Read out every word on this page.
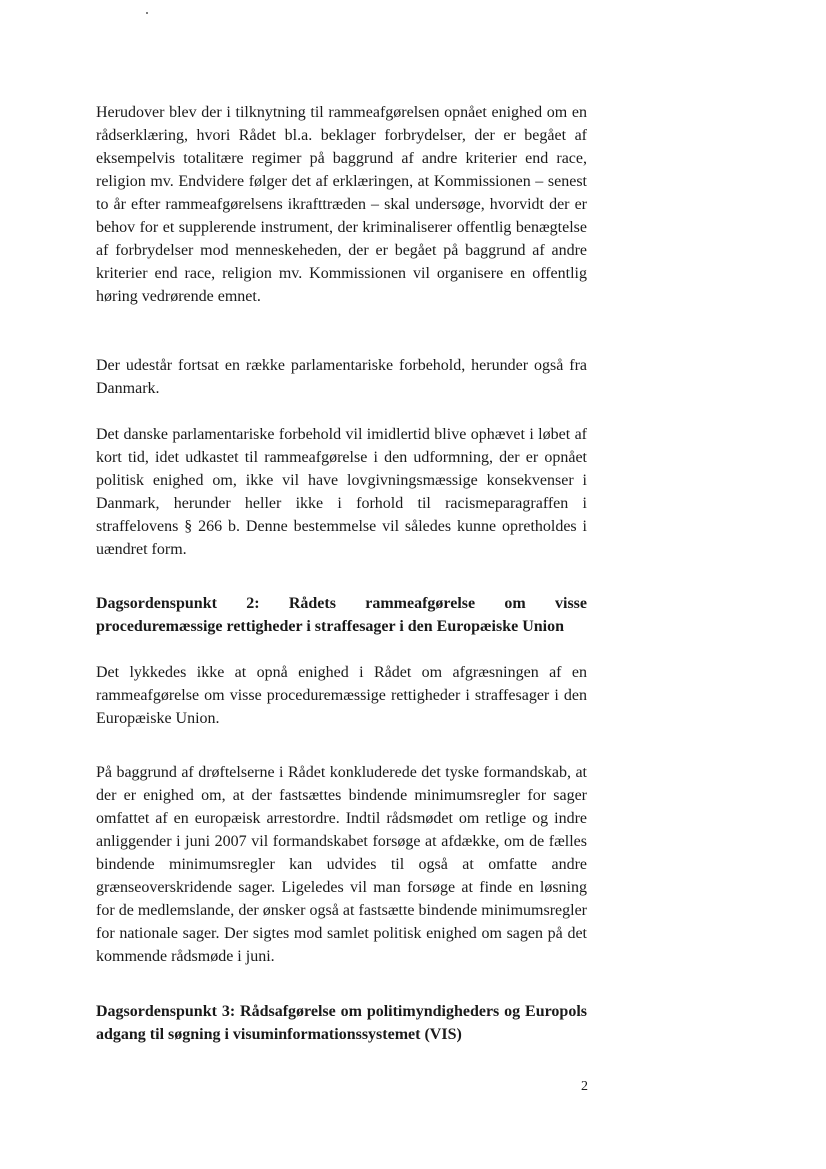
Herudover blev der i tilknytning til rammeafgørelsen opnået enighed om en rådserklæring, hvori Rådet bl.a. beklager forbrydelser, der er begået af eksempelvis totalitære regimer på baggrund af andre kriterier end race, religion mv. Endvidere følger det af erklæringen, at Kommissionen – senest to år efter rammeafgørelsens ikrafttræden – skal undersøge, hvorvidt der er behov for et supplerende instrument, der kriminaliserer offentlig benægtelse af forbrydelser mod menneskeheden, der er begået på baggrund af andre kriterier end race, religion mv. Kommissionen vil organisere en offentlig høring vedrørende emnet.

Der udestår fortsat en række parlamentariske forbehold, herunder også fra Danmark.

Det danske parlamentariske forbehold vil imidlertid blive ophævet i løbet af kort tid, idet udkastet til rammeafgørelse i den udformning, der er opnået politisk enighed om, ikke vil have lovgivningsmæssige konsekvenser i Danmark, herunder heller ikke i forhold til racismeparagraffen i straffelovens § 266 b. Denne bestemmelse vil således kunne opretholdes i uændret form.

Dagsordenspunkt 2: Rådets rammeafgørelse om visse proceduremæssige rettigheder i straffesager i den Europæiske Union

Det lykkedes ikke at opnå enighed i Rådet om afgræsningen af en rammeafgørelse om visse proceduremæssige rettigheder i straffesager i den Europæiske Union.

På baggrund af drøftelserne i Rådet konkluderede det tyske formandskab, at der er enighed om, at der fastsættes bindende minimumsregler for sager omfattet af en europæisk arrestordre. Indtil rådsmødet om retlige og indre anliggender i juni 2007 vil formandskabet forsøge at afdække, om de fælles bindende minimumsregler kan udvides til også at omfatte andre grænseoverskridende sager. Ligeledes vil man forsøge at finde en løsning for de medlemslande, der ønsker også at fastsætte bindende minimumsregler for nationale sager. Der sigtes mod samlet politisk enighed om sagen på det kommende rådsmøde i juni.

Dagsordenspunkt 3: Rådsafgørelse om politimyndigheders og Europols adgang til søgning i visuminformationssystemet (VIS)
2
